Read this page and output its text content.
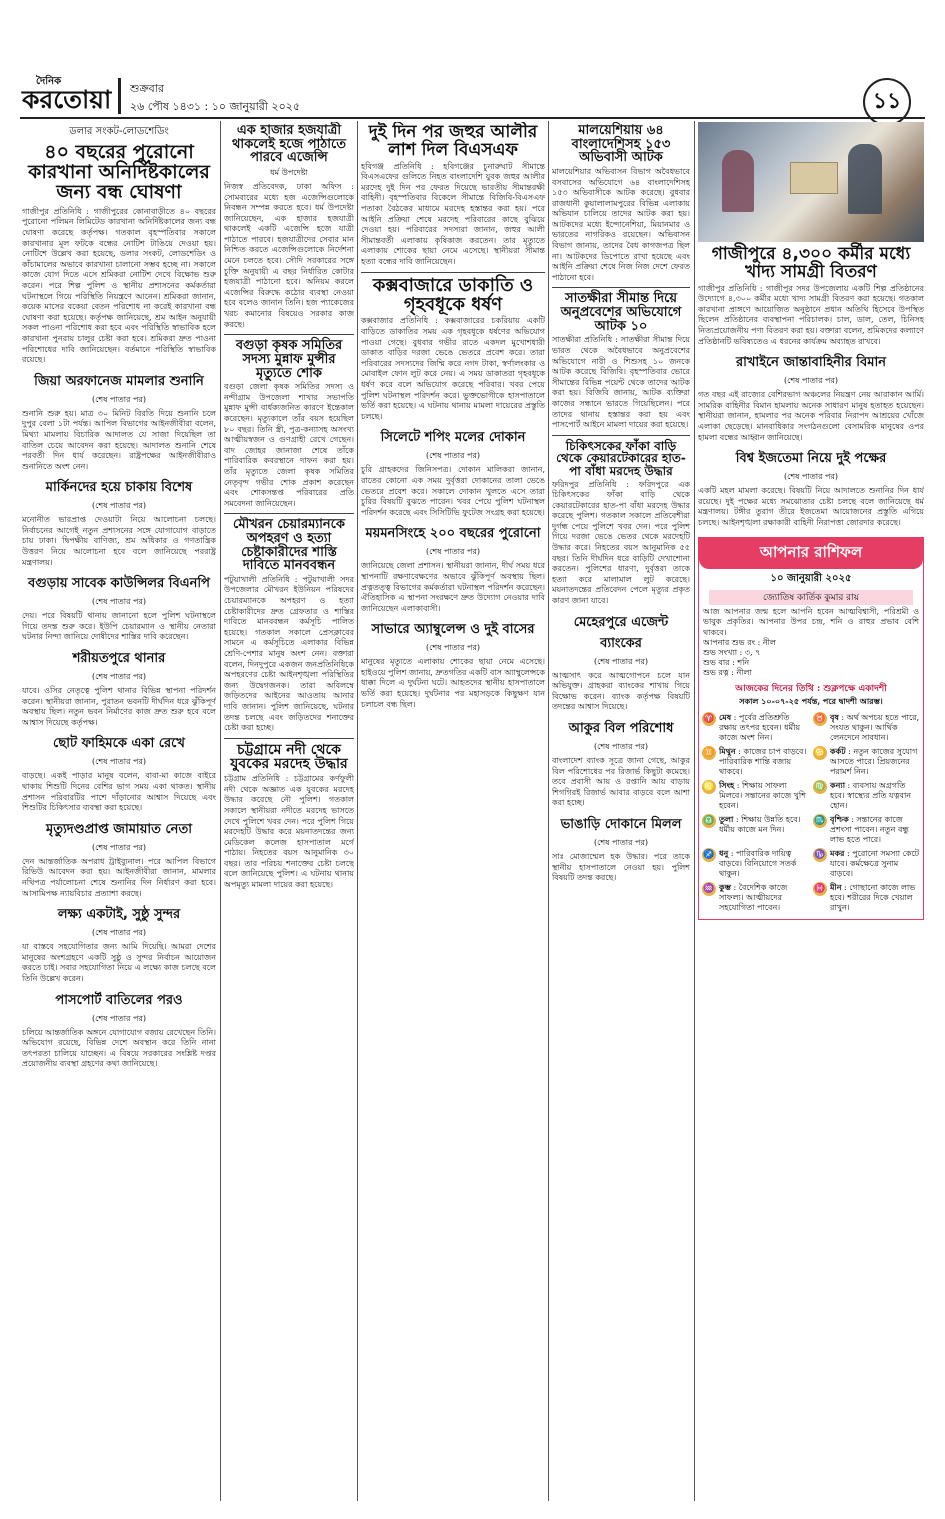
দৈনিক
করতোয়া শুক্রবার
২৬ পৌষ ১৪৩১ : ১০ জানুয়ারী ২০২৫	১১
ডলার সংকট-লোডশেডিং
৪০ বছরের পুরোনো কারখানা অনির্দিষ্টকালের জন্য বন্ধ ঘোষণা

গাজীপুর প্রতিনিধি : গাজীপুরের কোনাবাড়ীতে ৪০ বছরের পুরোনো পলিমন লিমিটেড কারখানা অনির্দিষ্টকালের জন্য বন্ধ ঘোষণা করেছে কর্তৃপক্ষ। গতকাল বৃহস্পতিবার সকালে কারখানার মূল ফটকে বন্ধের নোটিশ টাঙিয়ে দেওয়া হয়। নোটিশে উল্লেখ করা হয়েছে, ডলার সংকট, লোডশেডিং ও কাঁচামালের অভাবে কারখানা চালানো সম্ভব হচ্ছে না। সকালে কাজে যোগ দিতে এসে শ্রমিকরা নোটিশ দেখে বিক্ষোভ শুরু করেন। পরে শিল্প পুলিশ ও স্থানীয় প্রশাসনের কর্মকর্তারা ঘটনাস্থলে গিয়ে পরিস্থিতি নিয়ন্ত্রণে আনেন। শ্রমিকরা জানান, কয়েক মাসের বকেয়া বেতন পরিশোধ না করেই কারখানা বন্ধ ঘোষণা করা হয়েছে। কর্তৃপক্ষ জানিয়েছে, শ্রম আইন অনুযায়ী সকল পাওনা পরিশোধ করা হবে এবং পরিস্থিতি স্বাভাবিক হলে কারখানা পুনরায় চালুর চেষ্টা করা হবে। শ্রমিকরা দ্রুত পাওনা পরিশোধের দাবি জানিয়েছেন। বর্তমানে পরিস্থিতি স্বাভাবিক রয়েছে।

জিয়া অরফানেজ মামলার শুনানি
(শেষ পাতার পর)

শুনানি শুরু হয়। মাত্র ৩০ মিনিট বিরতি দিয়ে শুনানি চলে দুপুর বেলা ১টা পর্যন্ত। আপিল বিভাগের আইনজীবীরা বলেন, মিথ্যা মামলায় বিচারিক আদালত যে সাজা দিয়েছিল তা বাতিল চেয়ে আবেদন করা হয়েছে। আদালত শুনানি শেষে পরবর্তী দিন ধার্য করেছেন। রাষ্ট্রপক্ষের আইনজীবীরাও শুনানিতে অংশ নেন।

মার্কিনদের হয়ে চাকায় বিশেষ
(শেষ পাতার পর)

মনোনীত ভারপ্রাপ্ত দেওয়াটা নিয়ে আলোচনা চলছে। নির্বাচনের আগেই নতুন প্রশাসনের সঙ্গে যোগাযোগ বাড়াতে চায় ঢাকা। দ্বিপক্ষীয় বাণিজ্য, শ্রম অধিকার ও গণতান্ত্রিক উত্তরণ নিয়ে আলোচনা হবে বলে জানিয়েছে পররাষ্ট্র মন্ত্রণালয়।

বগুড়ায় সাবেক কাউন্সিলর বিএনপি
(শেষ পাতার পর)

দেয়। পরে বিষয়টি থানায় জানানো হলে পুলিশ ঘটনাস্থলে গিয়ে তদন্ত শুরু করে। ইউপি চেয়ারম্যান ও স্থানীয় নেতারা ঘটনার নিন্দা জানিয়ে দোষীদের শাস্তির দাবি করেছেন।

শরীয়তপুরে থানার
(শেষ পাতার পর)

যাবে। ওসির নেতৃত্বে পুলিশ থানার বিভিন্ন স্থাপনা পরিদর্শন করেন। স্থানীয়রা জানান, পুরাতন ভবনটি দীর্ঘদিন ধরে ঝুঁকিপূর্ণ অবস্থায় ছিল। নতুন ভবন নির্মাণের কাজ দ্রুত শুরু হবে বলে আশ্বাস দিয়েছে কর্তৃপক্ষ।

ছোট ফাহিমকে একা রেখে
(শেষ পাতার পর)

বাড়ছে। একই পাড়ার মানুষ বলেন, বাবা-মা কাজে বাইরে থাকায় শিশুটি দিনের বেশির ভাগ সময় একা থাকত। স্থানীয় প্রশাসন পরিবারটির পাশে দাঁড়ানোর আশ্বাস দিয়েছে এবং শিশুটির চিকিৎসার ব্যবস্থা করা হয়েছে।

মৃত্যুদণ্ডপ্রাপ্ত জামায়াত নেতা
(শেষ পাতার পর)

দেন আন্তর্জাতিক অপরাধ ট্রাইব্যুনাল। পরে আপিল বিভাগে রিভিউ আবেদন করা হয়। আইনজীবীরা জানান, মামলার নথিপত্র পর্যালোচনা শেষে শুনানির দিন নির্ধারণ করা হবে। আসামিপক্ষ ন্যায়বিচার প্রত্যাশা করছে।

লক্ষ্য একটাই, সুষ্ঠু সুন্দর
(শেষ পাতার পর)

যা বাস্তবে সহযোগিতার জন্য আমি দিয়েছি। আমরা দেশের মানুষের অংশগ্রহণে একটি সুষ্ঠু ও সুন্দর নির্বাচন আয়োজন করতে চাই। সবার সহযোগিতা নিয়ে এ লক্ষ্যে কাজ চলছে বলে তিনি উল্লেখ করেন।

পাসপোর্ট বাতিলের পরও
(শেষ পাতার পর)

চলিয়ে আন্তর্জাতিক অঙ্গনে যোগাযোগ বজায় রেখেছেন তিনি। অভিযোগ রয়েছে, বিভিন্ন দেশে অবস্থান করে তিনি নানা তৎপরতা চালিয়ে যাচ্ছেন। এ বিষয়ে সরকারের সংশ্লিষ্ট দপ্তর প্রয়োজনীয় ব্যবস্থা গ্রহণের কথা জানিয়েছে।

এক হাজার হজযাত্রী থাকলেই হজে পাঠাতে পারবে এজেন্সি
ধর্ম উপদেষ্টা

নিজস্ব প্রতিবেদক, ঢাকা অফিস : সোমবারের মধ্যে হজ এজেন্সিগুলোকে নিবন্ধন সম্পন্ন করতে হবে। ধর্ম উপদেষ্টা জানিয়েছেন, এক হাজার হজযাত্রী থাকলেই একটি এজেন্সি হজে যাত্রী পাঠাতে পারবে। হজযাত্রীদের সেবার মান নিশ্চিত করতে এজেন্সিগুলোকে নির্দেশনা মেনে চলতে হবে। সৌদি সরকারের সঙ্গে চুক্তি অনুযায়ী এ বছর নির্ধারিত কোটার হজযাত্রী পাঠানো হবে। অনিয়ম করলে এজেন্সির বিরুদ্ধে কঠোর ব্যবস্থা নেওয়া হবে বলেও জানান তিনি। হজ প্যাকেজের খরচ কমানোর বিষয়েও সরকার কাজ করছে।

বগুড়া কৃষক সমিতির সদস্য মুন্নাফ মুন্সীর মৃত্যুতে শোক

বগুড়া জেলা কৃষক সমিতির সদস্য ও নন্দীগ্রাম উপজেলা শাখার সভাপতি মুন্নাফ মুন্সী বার্ধক্যজনিত কারণে ইন্তেকাল করেছেন। মৃত্যুকালে তাঁর বয়স হয়েছিল ৮০ বছর। তিনি স্ত্রী, পুত্র-কন্যাসহ অসংখ্য আত্মীয়স্বজন ও গুণগ্রাহী রেখে গেছেন। বাদ জোহর জানাজা শেষে তাঁকে পারিবারিক কবরস্থানে দাফন করা হয়। তাঁর মৃত্যুতে জেলা কৃষক সমিতির নেতৃবৃন্দ গভীর শোক প্রকাশ করেছেন এবং শোকসন্তপ্ত পরিবারের প্রতি সমবেদনা জানিয়েছেন।

মৌখরন চেয়ারম্যানকে অপহরণ ও হত্যা চেষ্টাকারীদের শাস্তি দাবিতে মানববন্ধন

পটুয়াখালী প্রতিনিধি : পটুয়াখালী সদর উপজেলার মৌখরন ইউনিয়ন পরিষদের চেয়ারম্যানকে অপহরণ ও হত্যা চেষ্টাকারীদের দ্রুত গ্রেফতার ও শাস্তির দাবিতে মানববন্ধন কর্মসূচি পালিত হয়েছে। গতকাল সকালে প্রেসক্লাবের সামনে এ কর্মসূচিতে এলাকার বিভিন্ন শ্রেণি-পেশার মানুষ অংশ নেন। বক্তারা বলেন, দিনদুপুরে একজন জনপ্রতিনিধিকে অপহরণের চেষ্টা আইনশৃঙ্খলা পরিস্থিতির জন্য উদ্বেগজনক। তারা অবিলম্বে জড়িতদের আইনের আওতায় আনার দাবি জানান। পুলিশ জানিয়েছে, ঘটনার তদন্ত চলছে এবং জড়িতদের শনাক্তের চেষ্টা করা হচ্ছে।

চট্টগ্রামে নদী থেকে যুবকের মরদেহ উদ্ধার

চট্টগ্রাম প্রতিনিধি : চট্টগ্রামের কর্ণফুলী নদী থেকে অজ্ঞাত এক যুবকের মরদেহ উদ্ধার করেছে নৌ পুলিশ। গতকাল সকালে স্থানীয়রা নদীতে মরদেহ ভাসতে দেখে পুলিশে খবর দেন। পরে পুলিশ গিয়ে মরদেহটি উদ্ধার করে ময়নাতদন্তের জন্য মেডিকেল কলেজ হাসপাতাল মর্গে পাঠায়। নিহতের বয়স আনুমানিক ৩০ বছর। তার পরিচয় শনাক্তের চেষ্টা চলছে বলে জানিয়েছে পুলিশ। এ ঘটনায় থানায় অপমৃত্যু মামলা দায়ের করা হয়েছে।

দুই দিন পর জহুর আলীর লাশ দিল বিএসএফ

হবিগঞ্জ প্রতিনিধি : হবিগঞ্জের চুনারুঘাট সীমান্তে বিএসএফের গুলিতে নিহত বাংলাদেশি যুবক জহুর আলীর মরদেহ দুই দিন পর ফেরত দিয়েছে ভারতীয় সীমান্তরক্ষী বাহিনী। বৃহস্পতিবার বিকেলে সীমান্তে বিজিবি-বিএসএফ পতাকা বৈঠকের মাধ্যমে মরদেহ হস্তান্তর করা হয়। পরে আইনি প্রক্রিয়া শেষে মরদেহ পরিবারের কাছে বুঝিয়ে দেওয়া হয়। পরিবারের সদস্যরা জানান, জহুর আলী সীমান্তবর্তী এলাকায় কৃষিকাজ করতেন। তার মৃত্যুতে এলাকায় শোকের ছায়া নেমে এসেছে। স্থানীয়রা সীমান্ত হত্যা বন্ধের দাবি জানিয়েছেন।

কক্সবাজারে ডাকাতি ও গৃহবধূকে ধর্ষণ

কক্সবাজার প্রতিনিধি : কক্সবাজারের চকরিয়ায় একটি বাড়িতে ডাকাতির সময় এক গৃহবধূকে ধর্ষণের অভিযোগ পাওয়া গেছে। বুধবার গভীর রাতে একদল মুখোশধারী ডাকাত বাড়ির দরজা ভেঙে ভেতরে প্রবেশ করে। তারা পরিবারের সদস্যদের জিম্মি করে নগদ টাকা, স্বর্ণালংকার ও মোবাইল ফোন লুট করে নেয়। এ সময় ডাকাতরা গৃহবধূকে ধর্ষণ করে বলে অভিযোগ করেছে পরিবার। খবর পেয়ে পুলিশ ঘটনাস্থল পরিদর্শন করে। ভুক্তভোগীকে হাসপাতালে ভর্তি করা হয়েছে। এ ঘটনায় থানায় মামলা দায়েরের প্রস্তুতি চলছে।

সিলেটে শপিং মলের দোকান
(শেষ পাতার পর)

চুরি গ্রাহকদের জিনিসপত্র। দোকান মালিকরা জানান, রাতের কোনো এক সময় দুর্বৃত্তরা দোকানের তালা ভেঙে ভেতরে প্রবেশ করে। সকালে দোকান খুলতে এসে তারা চুরির বিষয়টি বুঝতে পারেন। খবর পেয়ে পুলিশ ঘটনাস্থল পরিদর্শন করেছে এবং সিসিটিভি ফুটেজ সংগ্রহ করা হয়েছে।

ময়মনসিংহে ২০০ বছরের পুরোনো
(শেষ পাতার পর)

জানিয়েছে জেলা প্রশাসন। স্থানীয়রা জানান, দীর্ঘ সময় ধরে স্থাপনাটি রক্ষণাবেক্ষণের অভাবে ঝুঁকিপূর্ণ অবস্থায় ছিল। প্রত্নতত্ত্ব বিভাগের কর্মকর্তারা ঘটনাস্থল পরিদর্শন করেছেন। ঐতিহাসিক এ স্থাপনা সংরক্ষণে দ্রুত উদ্যোগ নেওয়ার দাবি জানিয়েছেন এলাকাবাসী।

সাভারে অ্যাম্বুলেন্স ও দুই বাসের
(শেষ পাতার পর)

মানুষের মৃত্যুতে এলাকায় শোকের ছায়া নেমে এসেছে। হাইওয়ে পুলিশ জানায়, দ্রুতগতির একটি বাস অ্যাম্বুলেন্সকে ধাক্কা দিলে এ দুর্ঘটনা ঘটে। আহতদের স্থানীয় হাসপাতালে ভর্তি করা হয়েছে। দুর্ঘটনার পর মহাসড়কে কিছুক্ষণ যান চলাচল বন্ধ ছিল।

মালয়েশিয়ায় ৬৪ বাংলাদেশিসহ ১৫৩ অভিবাসী আটক

মালয়েশিয়ার অভিবাসন বিভাগ অবৈধভাবে বসবাসের অভিযোগে ৬৪ বাংলাদেশিসহ ১৫৩ অভিবাসীকে আটক করেছে। বুধবার রাজধানী কুয়ালালামপুরের বিভিন্ন এলাকায় অভিযান চালিয়ে তাদের আটক করা হয়। আটকদের মধ্যে ইন্দোনেশিয়া, মিয়ানমার ও ভারতের নাগরিকও রয়েছেন। অভিবাসন বিভাগ জানায়, তাদের বৈধ কাগজপত্র ছিল না। আটকদের ডিপোতে রাখা হয়েছে এবং আইনি প্রক্রিয়া শেষে নিজ নিজ দেশে ফেরত পাঠানো হবে।

সাতক্ষীরা সীমান্ত দিয়ে অনুপ্রবেশের অভিযোগে আটক ১০

সাতক্ষীরা প্রতিনিধি : সাতক্ষীরা সীমান্ত দিয়ে ভারত থেকে অবৈধভাবে অনুপ্রবেশের অভিযোগে নারী ও শিশুসহ ১০ জনকে আটক করেছে বিজিবি। বৃহস্পতিবার ভোরে সীমান্তের বিভিন্ন পয়েন্ট থেকে তাদের আটক করা হয়। বিজিবি জানায়, আটক ব্যক্তিরা কাজের সন্ধানে ভারতে গিয়েছিলেন। পরে তাদের থানায় হস্তান্তর করা হয় এবং পাসপোর্ট আইনে মামলা দায়ের করা হয়েছে।

চিকিৎসকের ফাঁকা বাড়ি থেকে কেয়ারটেকারের হাত-পা বাঁধা মরদেহ উদ্ধার

ফরিদপুর প্রতিনিধি : ফরিদপুরে এক চিকিৎসকের ফাঁকা বাড়ি থেকে কেয়ারটেকারের হাত-পা বাঁধা মরদেহ উদ্ধার করেছে পুলিশ। গতকাল সকালে প্রতিবেশীরা দুর্গন্ধ পেয়ে পুলিশে খবর দেন। পরে পুলিশ গিয়ে দরজা ভেঙে ভেতর থেকে মরদেহটি উদ্ধার করে। নিহতের বয়স আনুমানিক ৫৫ বছর। তিনি দীর্ঘদিন ধরে বাড়িটি দেখাশোনা করতেন। পুলিশের ধারণা, দুর্বৃত্তরা তাকে হত্যা করে মালামাল লুট করেছে। ময়নাতদন্তের প্রতিবেদন পেলে মৃত্যুর প্রকৃত কারণ জানা যাবে।

মেহেরপুরে এজেন্ট ব্যাংকের
(শেষ পাতার পর)

আত্মসাৎ করে আত্মগোপনে চলে যান অভিযুক্ত। গ্রাহকরা ব্যাংকের শাখায় গিয়ে বিক্ষোভ করেন। ব্যাংক কর্তৃপক্ষ বিষয়টি তদন্তের আশ্বাস দিয়েছে।

আকুর বিল পরিশোধ
(শেষ পাতার পর)

বাংলাদেশ ব্যাংক সূত্রে জানা গেছে, আকুর বিল পরিশোধের পর রিজার্ভ কিছুটা কমেছে। তবে প্রবাসী আয় ও রপ্তানি আয় বাড়ায় শিগগিরই রিজার্ভ আবার বাড়বে বলে আশা করা হচ্ছে।

ভাঙাড়ি দোকানে মিলল
(শেষ পাতার পর)

সাঃ মোজাম্মেল হক উদ্ধার। পরে তাকে স্থানীয় হাসপাতালে নেওয়া হয়। পুলিশ বিষয়টি তদন্ত করছে।

গাজীপুরে ৪,৩০০ কর্মীর মধ্যে খাদ্য সামগ্রী বিতরণ

গাজীপুর প্রতিনিধি : গাজীপুর সদর উপজেলায় একটি শিল্প প্রতিষ্ঠানের উদ্যোগে ৪,৩০০ কর্মীর মধ্যে খাদ্য সামগ্রী বিতরণ করা হয়েছে। গতকাল কারখানা প্রাঙ্গণে আয়োজিত অনুষ্ঠানে প্রধান অতিথি হিসেবে উপস্থিত ছিলেন প্রতিষ্ঠানের ব্যবস্থাপনা পরিচালক। চাল, ডাল, তেল, চিনিসহ নিত্যপ্রয়োজনীয় পণ্য বিতরণ করা হয়। বক্তারা বলেন, শ্রমিকদের কল্যাণে প্রতিষ্ঠানটি ভবিষ্যতেও এ ধরনের কার্যক্রম অব্যাহত রাখবে।

রাখাইনে জান্তাবাহিনীর বিমান
(শেষ পাতার পর)

গত বছর এই রাজ্যের বেশিরভাগ অঞ্চলের নিয়ন্ত্রণ নেয় আরাকান আর্মি। সামরিক বাহিনীর বিমান হামলায় অনেক সাধারণ মানুষ হতাহত হয়েছেন। স্থানীয়রা জানান, হামলার পর অনেক পরিবার নিরাপদ আশ্রয়ের খোঁজে এলাকা ছেড়েছে। মানবাধিকার সংগঠনগুলো বেসামরিক মানুষের ওপর হামলা বন্ধের আহ্বান জানিয়েছে।

বিশ্ব ইজতেমা নিয়ে দুই পক্ষের
(শেষ পাতার পর)

একটি মহল মামলা করেছে। বিষয়টি নিয়ে আদালতে শুনানির দিন ধার্য রয়েছে। দুই পক্ষের মধ্যে সমঝোতার চেষ্টা চলছে বলে জানিয়েছে ধর্ম মন্ত্রণালয়। টঙ্গীর তুরাগ তীরে ইজতেমা আয়োজনের প্রস্তুতি এগিয়ে চলছে। আইনশৃঙ্খলা রক্ষাকারী বাহিনী নিরাপত্তা জোরদার করেছে।

আপনার রাশিফল
১০ জানুয়ারী ২০২৫
জ্যোতিষ কার্তিক কুমার রায়

আজ আপনার জন্ম হলে আপনি হবেন আত্মবিশ্বাসী, পরিশ্রমী ও ভাবুক প্রকৃতির। আপনার উপর চন্দ্র, শনি ও রাহুর প্রভাব বেশি থাকবে।

আপনার শুভ রং : নীল
শুভ সংখ্যা : ৩, ৭
শুভ বার : শনি
শুভ রত্ন : নীলা
আজকের দিনের তিথি : শুক্লপক্ষে একাদশী
সকাল ১০-০৭-২৫ পর্যন্ত, পরে দ্বাদশী আরম্ভ।
♈ মেষ : পূর্বের প্রতিশ্রুতি রক্ষায় তৎপর হবেন। ধর্মীয় কাজে অংশ নিন।
♉ বৃষ : অর্থ অপচয় হতে পারে, সংযত থাকুন। আর্থিক লেনদেনে সাবধান।
♊ মিথুন : কাজের চাপ বাড়বে। পারিবারিক শান্তি বজায় থাকবে।
♋ কর্কট : নতুন কাজের সুযোগ আসতে পারে। প্রিয়জনের পরামর্শ নিন।
♌ সিংহ : শিক্ষায় সাফল্য মিলবে। সন্তানের কাজে খুশি হবেন।
♍ কন্যা : ব্যবসায় অগ্রগতি হবে। স্বাস্থ্যের প্রতি যত্নবান হোন।
♎ তুলা : শিক্ষায় উন্নতি হবে। ধর্মীয় কাজে মন দিন।
♏ বৃশ্চিক : সন্তানের কাজে প্রশংসা পাবেন। নতুন বন্ধু লাভ হতে পারে।
♐ ধনু : পারিবারিক দায়িত্ব বাড়বে। বিনিয়োগে সতর্ক থাকুন।
♑ মকর : পুরোনো সমস্যা কেটে যাবে। কর্মক্ষেত্রে সুনাম বাড়বে।
♒ কুম্ভ : বৈদেশিক কাজে সাফল্য। আত্মীয়দের সহযোগিতা পাবেন।
♓ মীন : গোছানো কাজে লাভ হবে। শরীরের দিকে খেয়াল রাখুন।
